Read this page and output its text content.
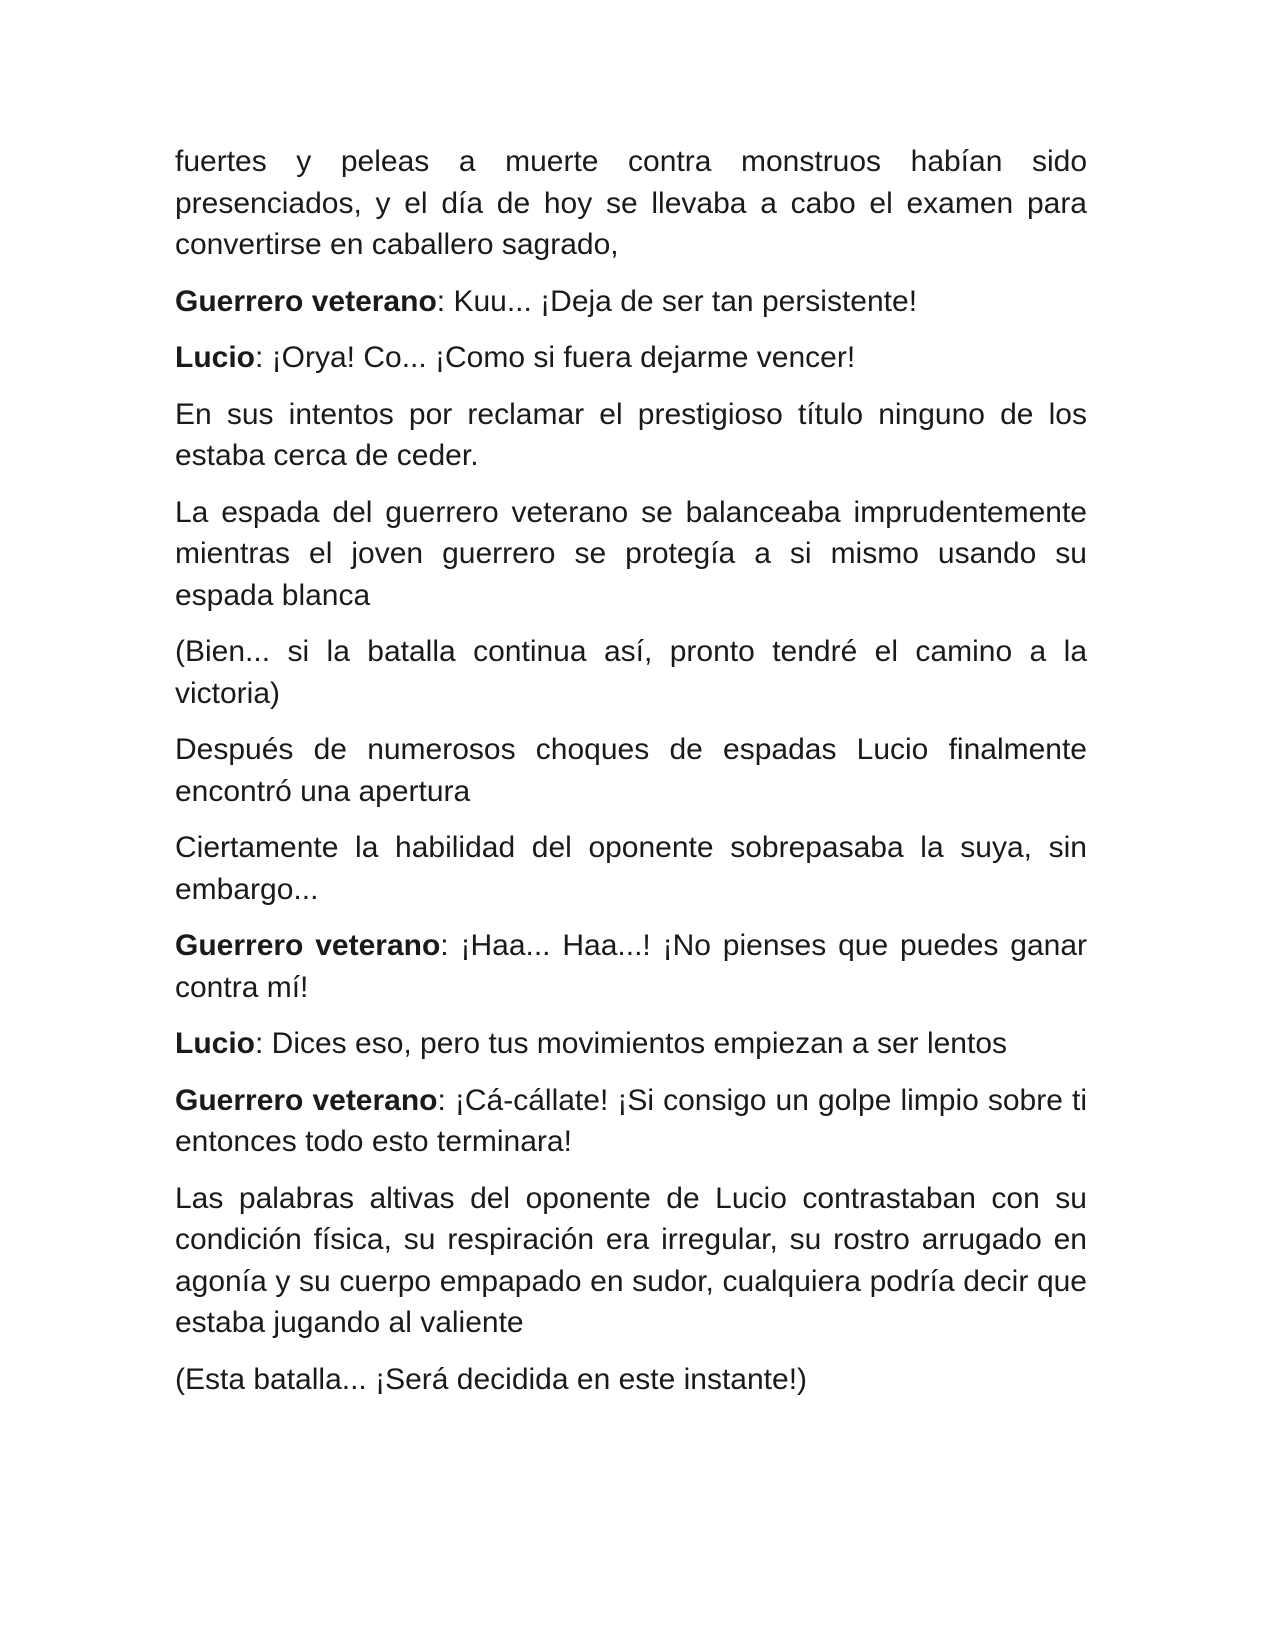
fuertes y peleas a muerte contra monstruos habían sido presenciados, y el día de hoy se llevaba a cabo el examen para convertirse en caballero sagrado,

Guerrero veterano: Kuu... ¡Deja de ser tan persistente!

Lucio: ¡Orya! Co... ¡Como si fuera dejarme vencer!

En sus intentos por reclamar el prestigioso título ninguno de los estaba cerca de ceder.

La espada del guerrero veterano se balanceaba imprudentemente mientras el joven guerrero se protegía a si mismo usando su espada blanca

(Bien... si la batalla continua así, pronto tendré el camino a la victoria)

Después de numerosos choques de espadas Lucio finalmente encontró una apertura

Ciertamente la habilidad del oponente sobrepasaba la suya, sin embargo...

Guerrero veterano: ¡Haa... Haa...! ¡No pienses que puedes ganar contra mí!

Lucio: Dices eso, pero tus movimientos empiezan a ser lentos

Guerrero veterano: ¡Cá-cállate! ¡Si consigo un golpe limpio sobre ti entonces todo esto terminara!

Las palabras altivas del oponente de Lucio contrastaban con su condición física, su respiración era irregular, su rostro arrugado en agonía y su cuerpo empapado en sudor, cualquiera podría decir que estaba jugando al valiente

(Esta batalla... ¡Será decidida en este instante!)
